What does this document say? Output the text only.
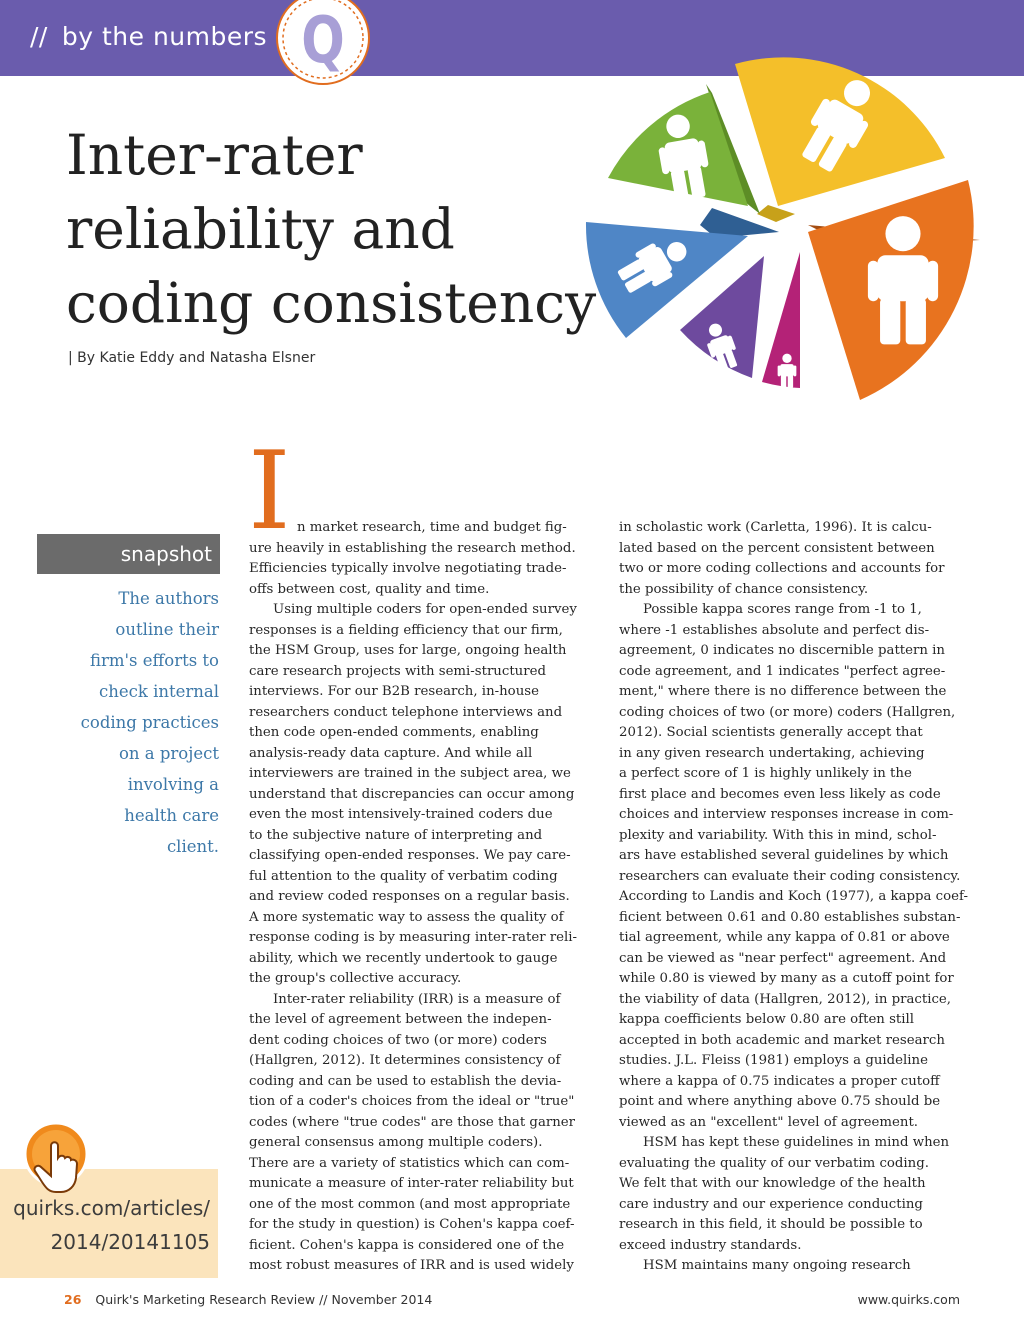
// by the numbers Q
Inter-rater
reliability and
coding consistency
| By Katie Eddy and Natasha Elsner
snapshot
The authors
outline their
firm's efforts to
check internal
coding practices
on a project
involving a
health care
client.
I n market research, time and budget fig-

ure heavily in establishing the research method.

Efficiencies typically involve negotiating trade-

offs between cost, quality and time.

Using multiple coders for open-ended survey

responses is a fielding efficiency that our firm,

the HSM Group, uses for large, ongoing health

care research projects with semi-structured

interviews. For our B2B research, in-house

researchers conduct telephone interviews and

then code open-ended comments, enabling

analysis-ready data capture. And while all

interviewers are trained in the subject area, we

understand that discrepancies can occur among

even the most intensively-trained coders due

to the subjective nature of interpreting and

classifying open-ended responses. We pay care-

ful attention to the quality of verbatim coding

and review coded responses on a regular basis.

A more systematic way to assess the quality of

response coding is by measuring inter-rater reli-

ability, which we recently undertook to gauge

the group's collective accuracy.

Inter-rater reliability (IRR) is a measure of

the level of agreement between the indepen-

dent coding choices of two (or more) coders

(Hallgren, 2012). It determines consistency of

coding and can be used to establish the devia-

tion of a coder's choices from the ideal or "true"

codes (where "true codes" are those that garner

general consensus among multiple coders).

There are a variety of statistics which can com-

municate a measure of inter-rater reliability but

one of the most common (and most appropriate

for the study in question) is Cohen's kappa coef-

ficient. Cohen's kappa is considered one of the

most robust measures of IRR and is used widely

in scholastic work (Carletta, 1996). It is calcu-

lated based on the percent consistent between

two or more coding collections and accounts for

the possibility of chance consistency.

Possible kappa scores range from -1 to 1,

where -1 establishes absolute and perfect dis-

agreement, 0 indicates no discernible pattern in

code agreement, and 1 indicates "perfect agree-

ment," where there is no difference between the

coding choices of two (or more) coders (Hallgren,

2012). Social scientists generally accept that

in any given research undertaking, achieving

a perfect score of 1 is highly unlikely in the

first place and becomes even less likely as code

choices and interview responses increase in com-

plexity and variability. With this in mind, schol-

ars have established several guidelines by which

researchers can evaluate their coding consistency.

According to Landis and Koch (1977), a kappa coef-

ficient between 0.61 and 0.80 establishes substan-

tial agreement, while any kappa of 0.81 or above

can be viewed as "near perfect" agreement. And

while 0.80 is viewed by many as a cutoff point for

the viability of data (Hallgren, 2012), in practice,

kappa coefficients below 0.80 are often still

accepted in both academic and market research

studies. J.L. Fleiss (1981) employs a guideline

where a kappa of 0.75 indicates a proper cutoff

point and where anything above 0.75 should be

viewed as an "excellent" level of agreement.

HSM has kept these guidelines in mind when

evaluating the quality of our verbatim coding.

We felt that with our knowledge of the health

care industry and our experience conducting

research in this field, it should be possible to

exceed industry standards.

HSM maintains many ongoing research

quirks.com/articles/
2014/20141105
26 Quirk's Marketing Research Review // November 2014	www.quirks.com
